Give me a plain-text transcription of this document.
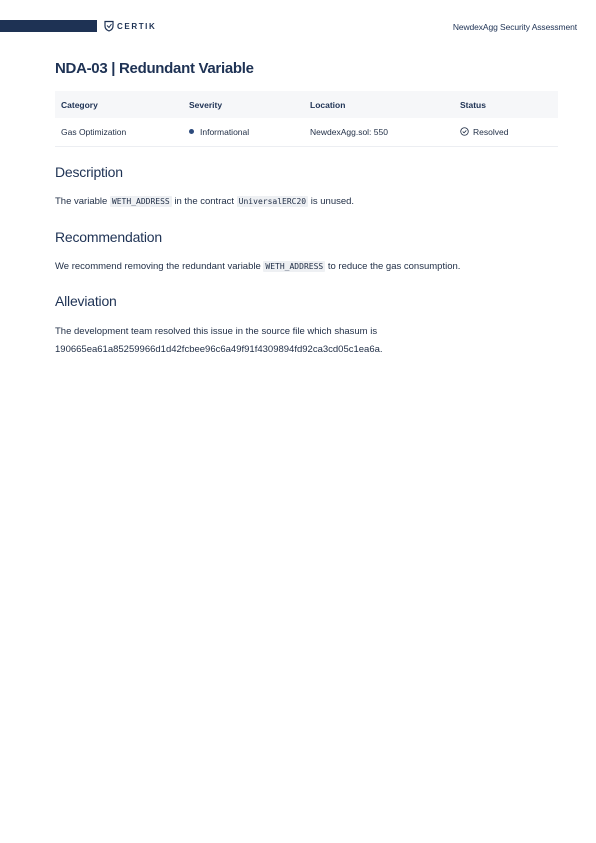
CERTIK	NewdexAgg Security Assessment
NDA-03 | Redundant Variable
Category	Severity	Location	Status
Gas Optimization	Informational	NewdexAgg.sol: 550	Resolved
Description

The variable WETH_ADDRESS in the contract UniversalERC20 is unused.

Recommendation

We recommend removing the redundant variable WETH_ADDRESS to reduce the gas consumption.

Alleviation

The development team resolved this issue in the source file which shasum is
190665ea61a85259966d1d42fcbee96c6a49f91f4309894fd92ca3cd05c1ea6a.
